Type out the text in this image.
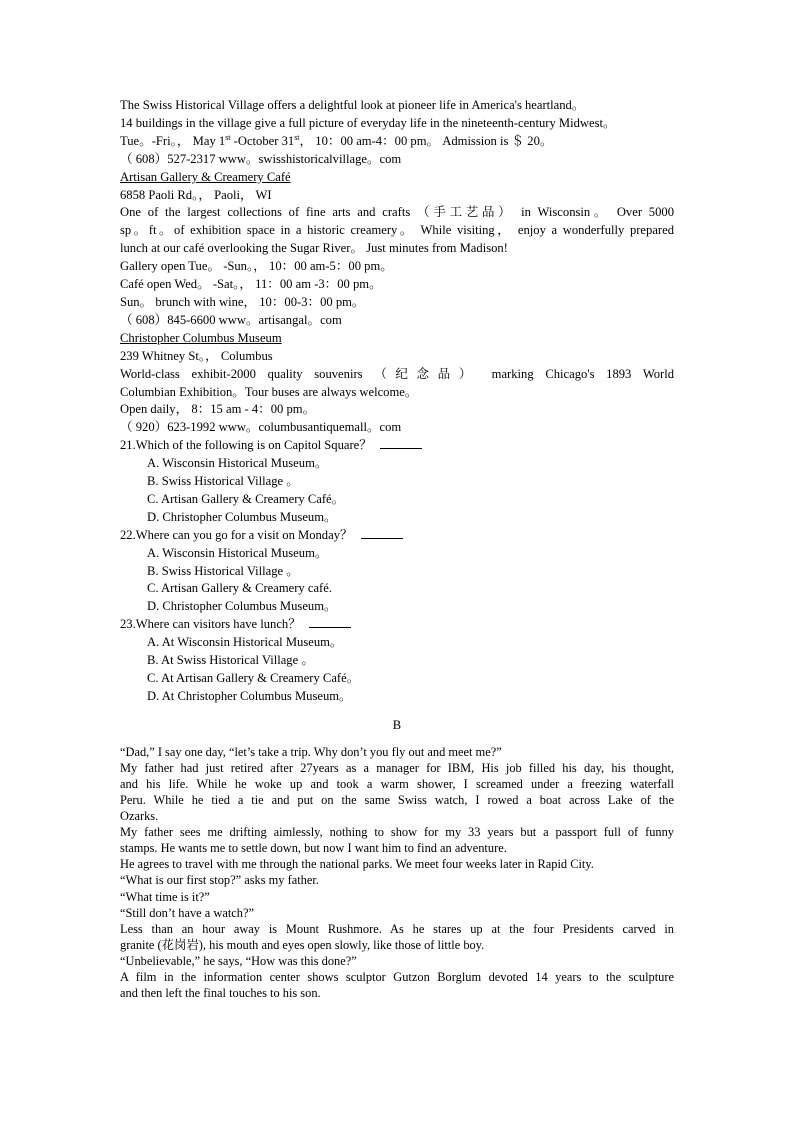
The Swiss Historical Village offers a delightful look at pioneer life in America's heartland。
14 buildings in the village give a full picture of everyday life in the nineteenth-century Midwest。
Tue。-Fri。， May 1st -October 31st， 10：00 am-4：00 pm。 Admission is ＄ 20。
（ 608）527-2317 www。swisshistoricalvillage。com
Artisan Gallery & Creamery Café
6858 Paoli Rd。， Paoli， WI
One of the largest collections of fine arts and crafts （手工艺品） in Wisconsin。 Over 5000
sp。ft。of exhibition space in a historic creamery。 While visiting， enjoy a wonderfully prepared
lunch at our café overlooking the Sugar River。 Just minutes from Madison!
Gallery open Tue。 -Sun。， 10：00 am-5：00 pm。
Café open Wed。 -Sat。， 11：00 am -3：00 pm。
Sun。 brunch with wine， 10：00-3：00 pm。
（ 608）845-6600 www。artisangal。com
Christopher Columbus Museum
239 Whitney St。， Columbus
World-class exhibit-2000 quality souvenirs （纪念品） marking Chicago's 1893 World
Columbian Exhibition。Tour buses are always welcome。
Open daily， 8：15 am - 4：00 pm。
（ 920）623-1992 www。columbusantiquemall。com
21.Which of the following is on Capitol Square？
A. Wisconsin Historical Museum。
B. Swiss Historical Village 。
C. Artisan Gallery & Creamery Café。
D. Christopher Columbus Museum。
22.Where can you go for a visit on Monday？
A. Wisconsin Historical Museum。
B. Swiss Historical Village 。
C. Artisan Gallery & Creamery café.
D. Christopher Columbus Museum。
23.Where can visitors have lunch？
A. At Wisconsin Historical Museum。
B. At Swiss Historical Village 。
C. At Artisan Gallery & Creamery Café。
D. At Christopher Columbus Museum。
B
“Dad,” I say one day, “let’s take a trip. Why don’t you fly out and meet me?”
My father had just retired after 27years as a manager for IBM, His job filled his day, his thought,
and his life. While he woke up and took a warm shower, I screamed under a freezing waterfall
Peru. While he tied a tie and put on the same Swiss watch, I rowed a boat across Lake of the
Ozarks.
My father sees me drifting aimlessly, nothing to show for my 33 years but a passport full of funny
stamps. He wants me to settle down, but now I want him to find an adventure.
He agrees to travel with me through the national parks. We meet four weeks later in Rapid City.
“What is our first stop?” asks my father.
“What time is it?”
“Still don’t have a watch?”
Less than an hour away is Mount Rushmore. As he stares up at the four Presidents carved in
granite (花岗岩), his mouth and eyes open slowly, like those of little boy.
“Unbelievable,” he says, “How was this done?”
A film in the information center shows sculptor Gutzon Borglum devoted 14 years to the sculpture
and then left the final touches to his son.
